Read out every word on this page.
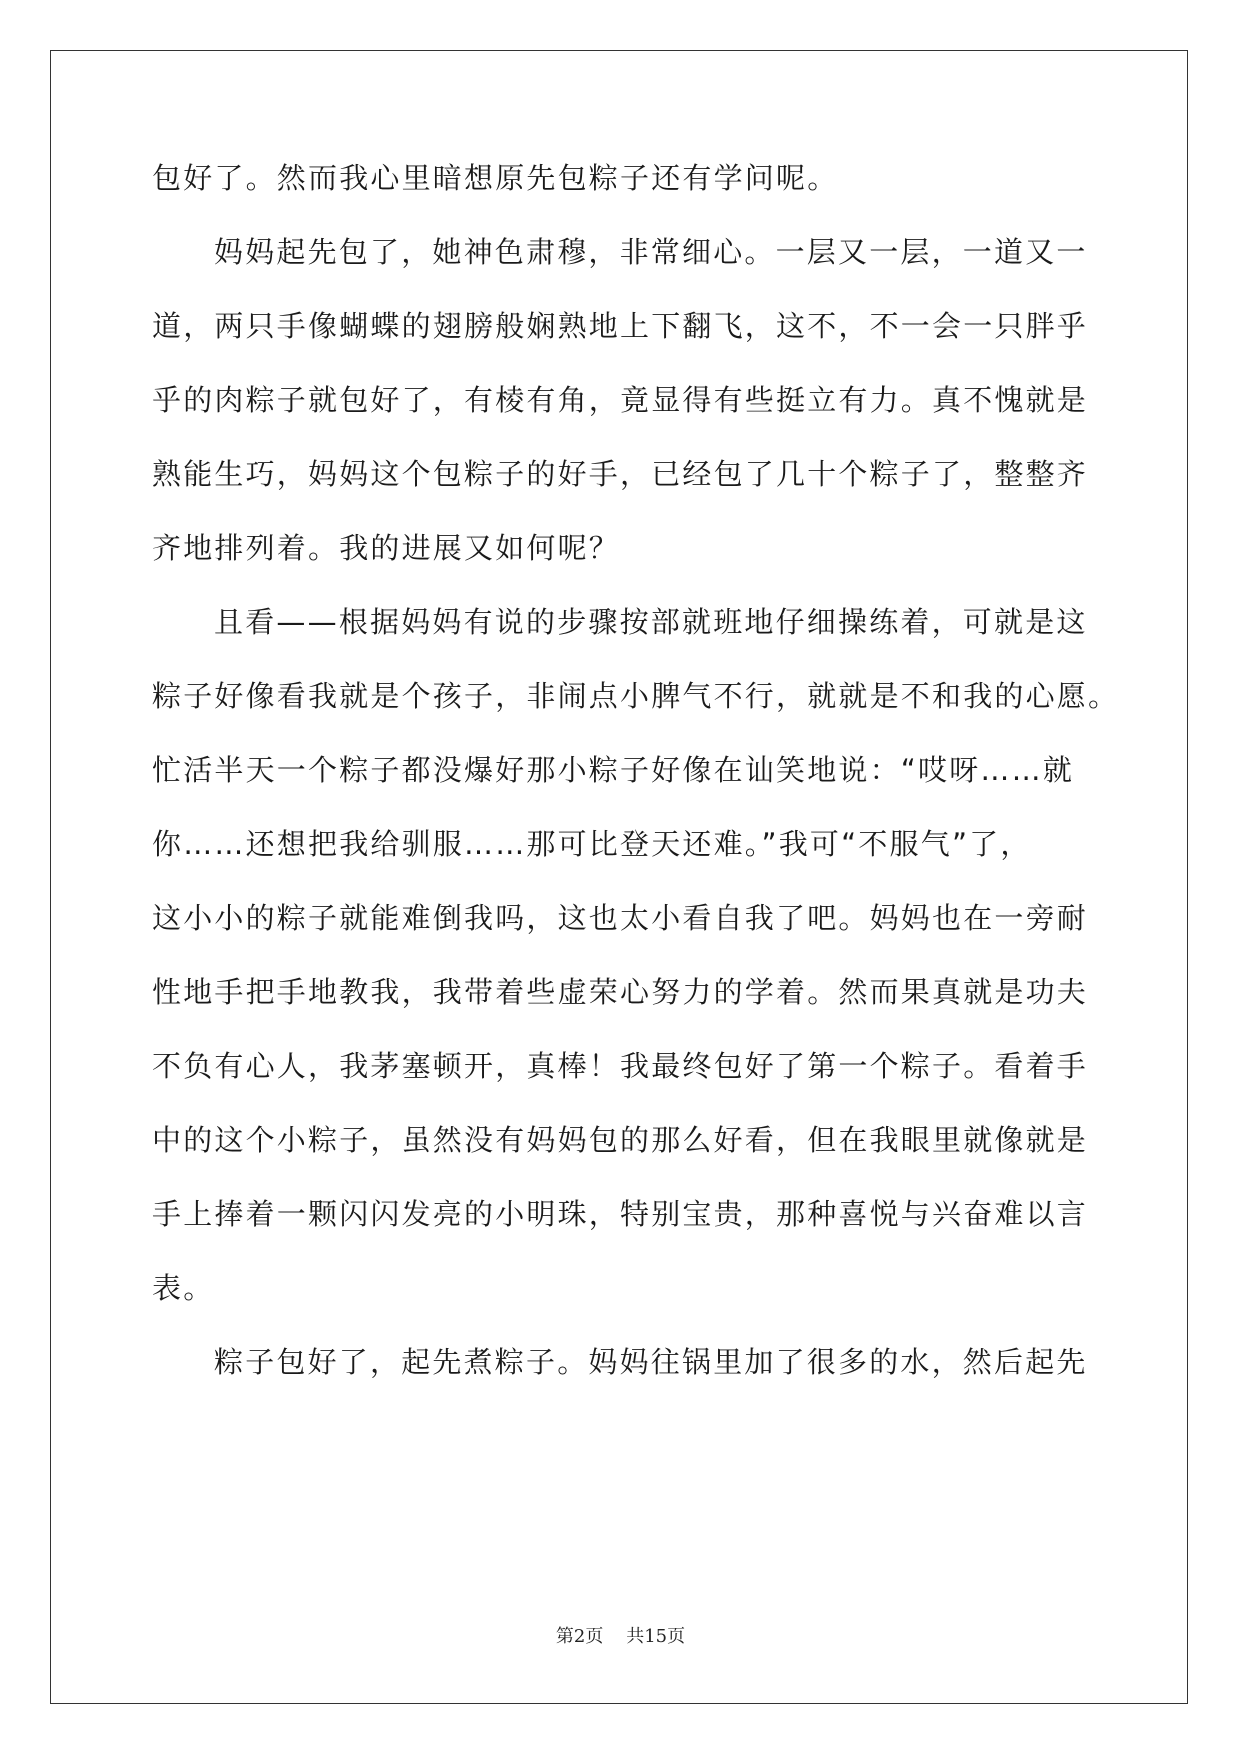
包好了。然而我心里暗想原先包粽子还有学问呢。
妈妈起先包了，她神色肃穆，非常细心。一层又一层，一道又一
道，两只手像蝴蝶的翅膀般娴熟地上下翻飞，这不，不一会一只胖乎
乎的肉粽子就包好了，有棱有角，竟显得有些挺立有力。真不愧就是
熟能生巧，妈妈这个包粽子的好手，已经包了几十个粽子了，整整齐
齐地排列着。我的进展又如何呢？
且看——根据妈妈有说的步骤按部就班地仔细操练着，可就是这
粽子好像看我就是个孩子，非闹点小脾气不行，就就是不和我的心愿。
忙活半天一个粽子都没爆好那小粽子好像在讪笑地说：“哎呀……就
你……还想把我给驯服……那可比登天还难。”我可“不服气”了，
这小小的粽子就能难倒我吗，这也太小看自我了吧。妈妈也在一旁耐
性地手把手地教我，我带着些虚荣心努力的学着。然而果真就是功夫
不负有心人，我茅塞顿开，真棒！我最终包好了第一个粽子。看着手
中的这个小粽子，虽然没有妈妈包的那么好看，但在我眼里就像就是
手上捧着一颗闪闪发亮的小明珠，特别宝贵，那种喜悦与兴奋难以言
表。
粽子包好了，起先煮粽子。妈妈往锅里加了很多的水，然后起先
第2页 共15页
